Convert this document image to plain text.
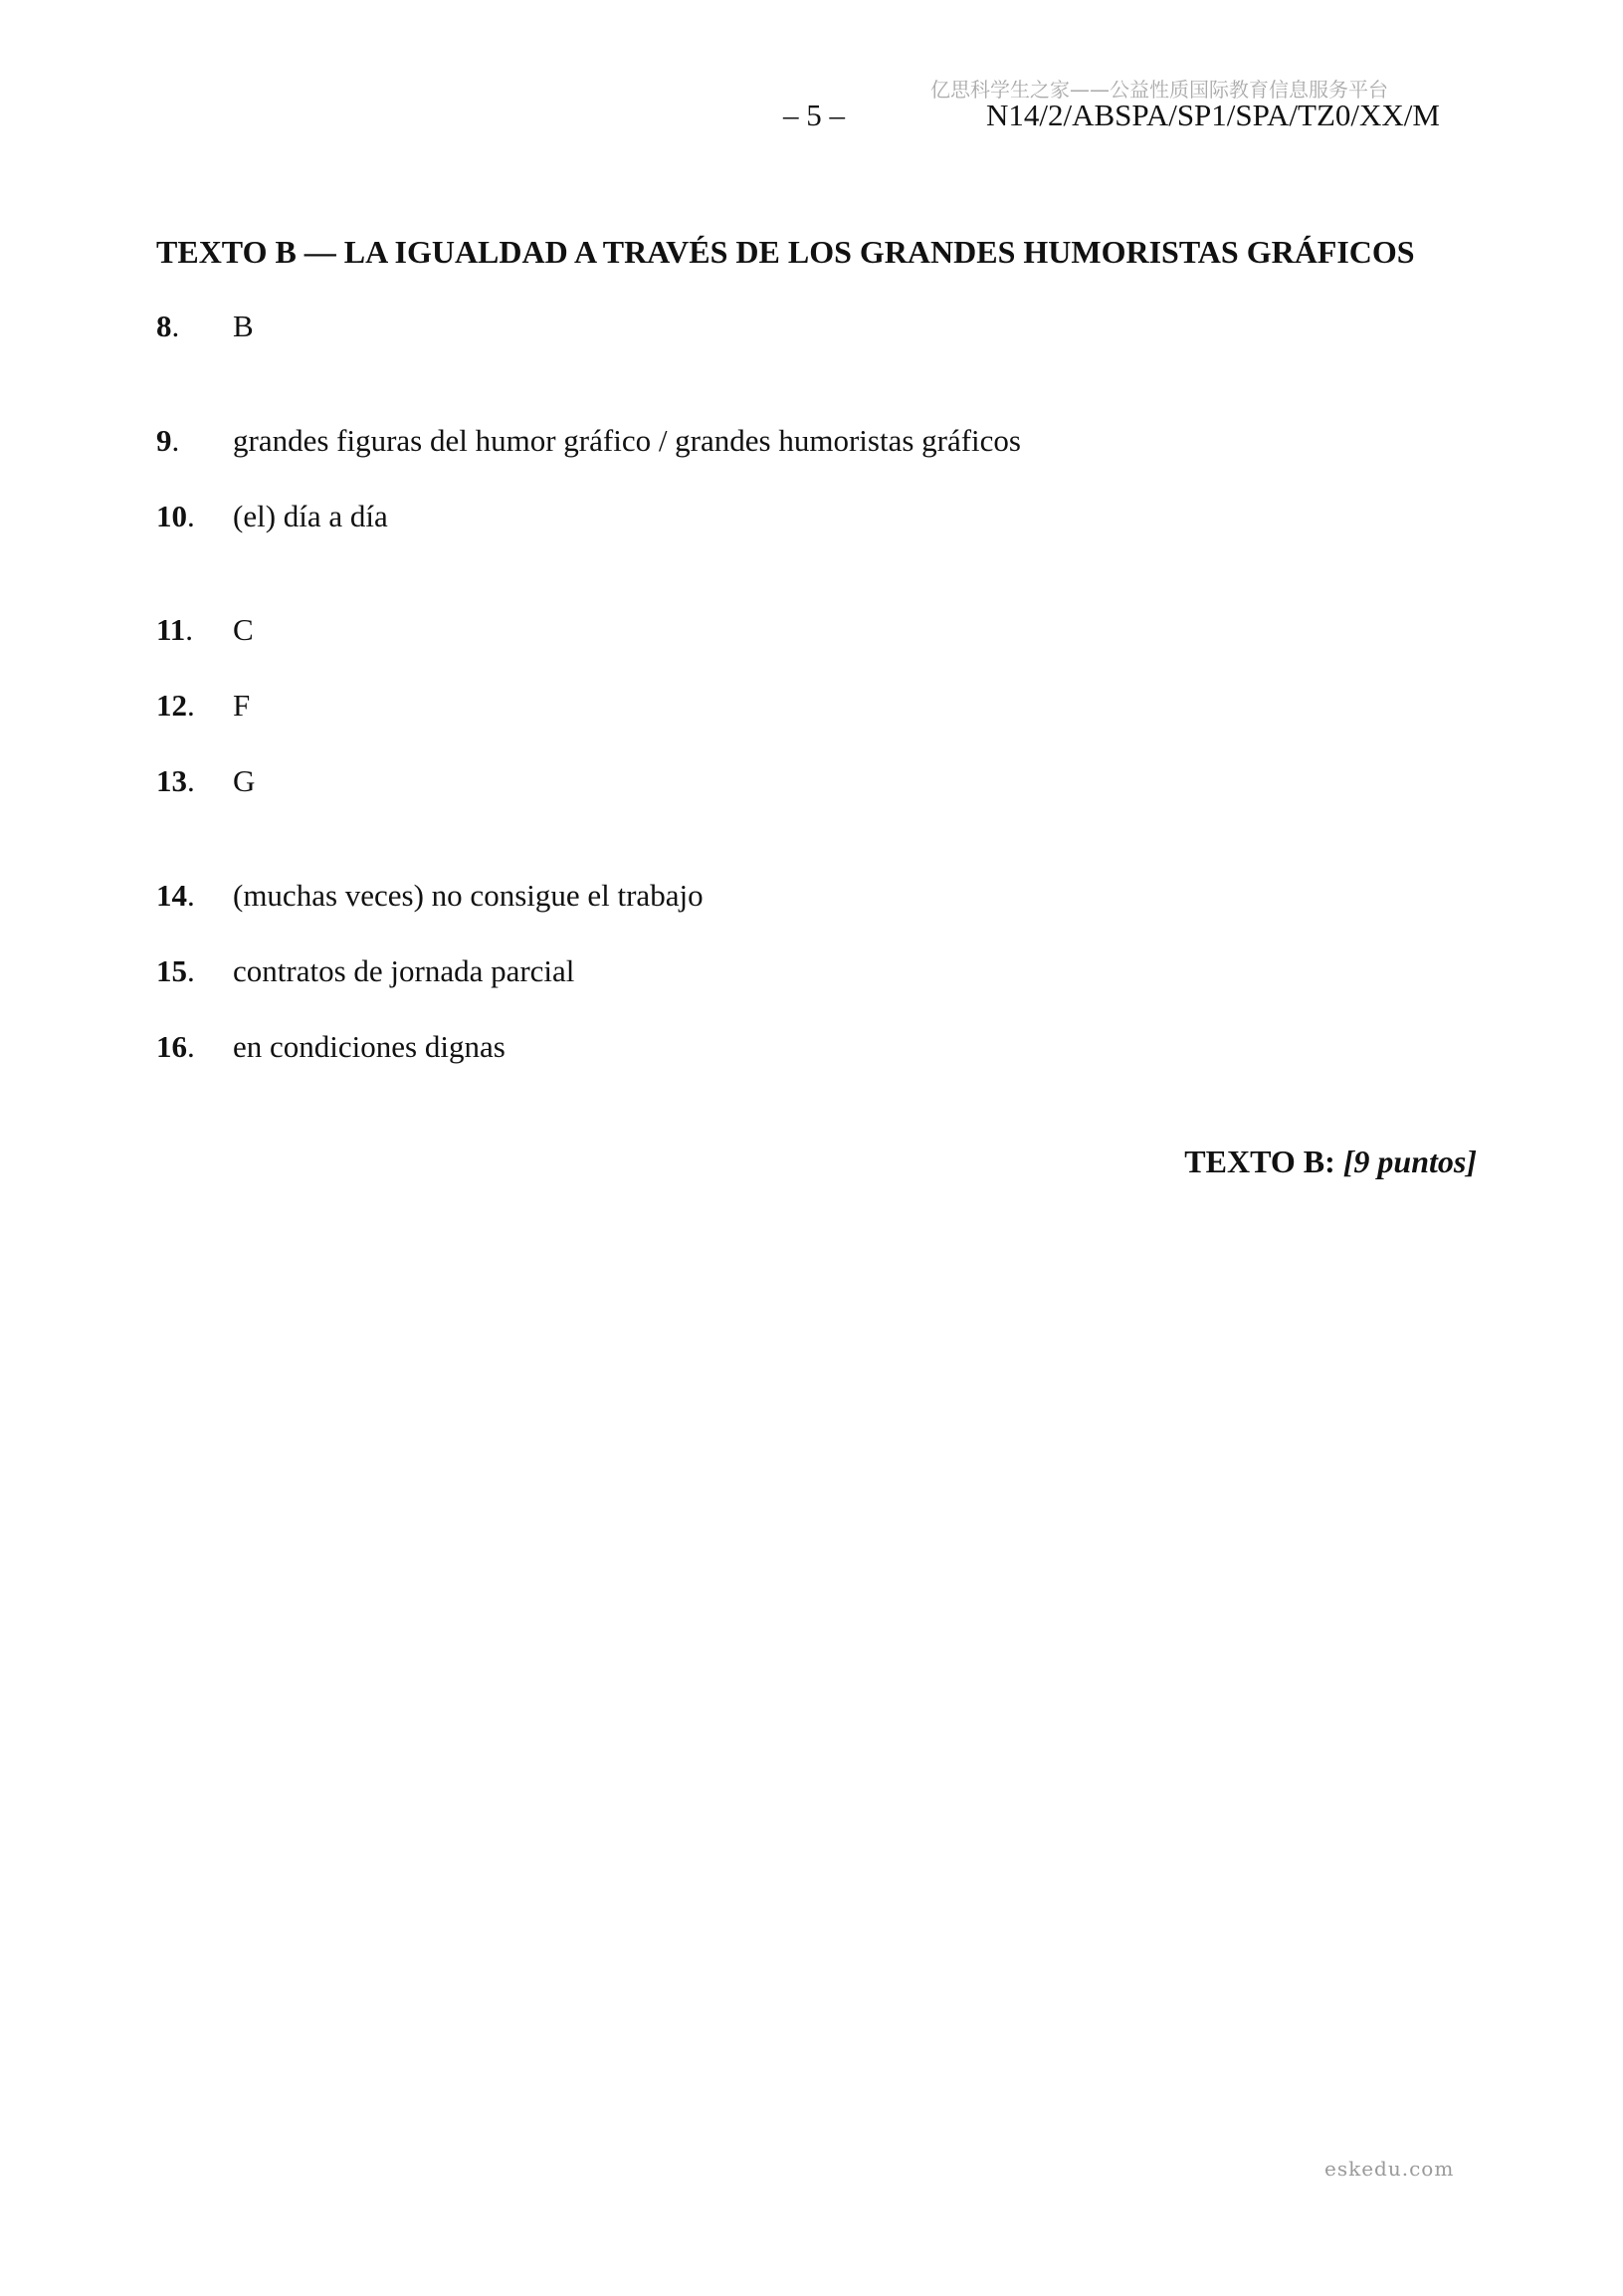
亿思科学生之家——公益性质国际教育信息服务平台
– 5 –	N14/2/ABSPA/SP1/SPA/TZ0/XX/M
TEXTO B — LA IGUALDAD A TRAVÉS DE LOS GRANDES HUMORISTAS GRÁFICOS
8.	B
9.	grandes figuras del humor gráfico / grandes humoristas gráficos
10.	(el) día a día
11.	C
12.	F
13.	G
14.	(muchas veces) no consigue el trabajo
15.	contratos de jornada parcial
16.	en condiciones dignas
TEXTO B: [9 puntos]
eskedu.com
